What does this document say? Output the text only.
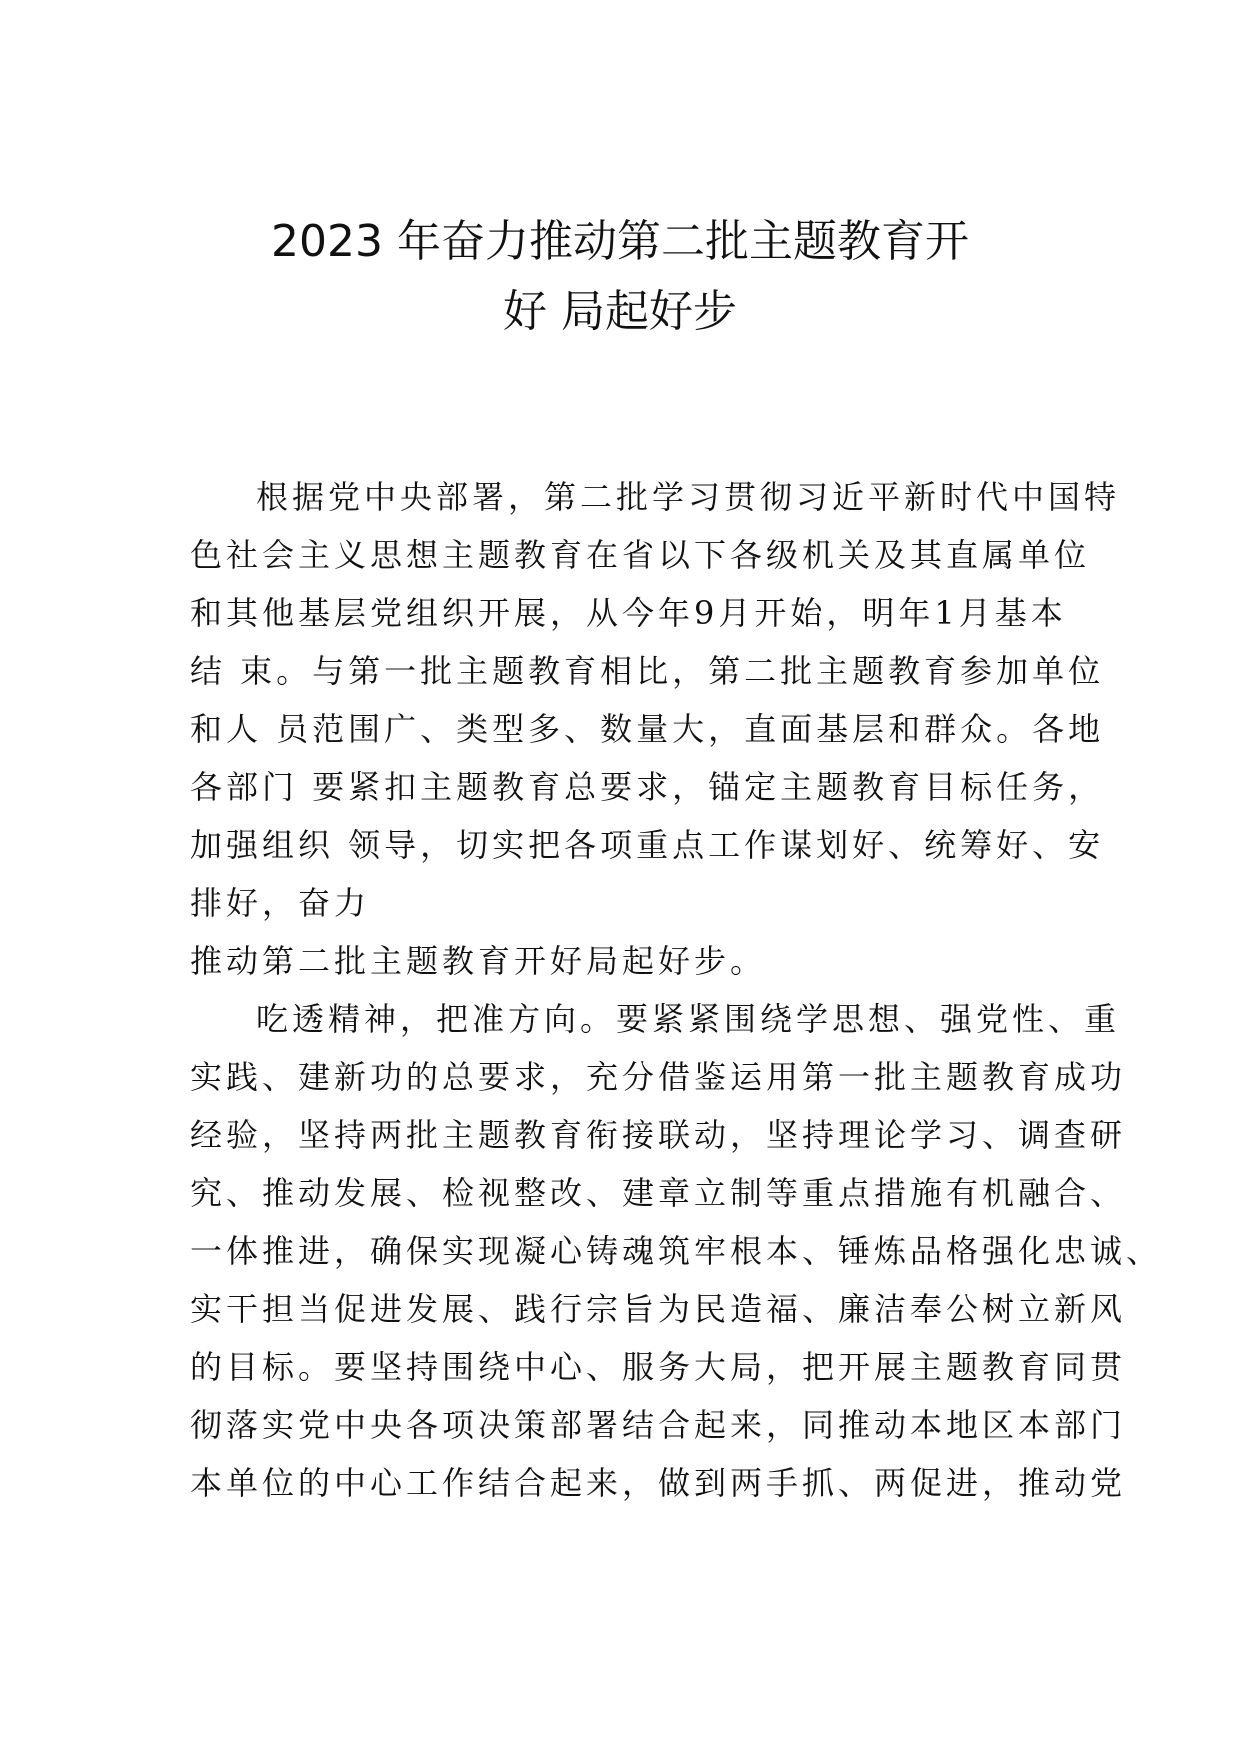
2023 年奋力推动第二批主题教育开
好 局起好步
根据党中央部署，第二批学习贯彻习近平新时代中国特
色社会主义思想主题教育在省以下各级机关及其直属单位
和其他基层党组织开展，从今年9月开始，明年1月基本
结 束。与第一批主题教育相比，第二批主题教育参加单位
和人 员范围广、类型多、数量大，直面基层和群众。各地
各部门 要紧扣主题教育总要求，锚定主题教育目标任务，
加强组织 领导，切实把各项重点工作谋划好、统筹好、安
排好，奋力
推动第二批主题教育开好局起好步。
吃透精神，把准方向。要紧紧围绕学思想、强党性、重
实践、建新功的总要求，充分借鉴运用第一批主题教育成功
经验，坚持两批主题教育衔接联动，坚持理论学习、调查研
究、推动发展、检视整改、建章立制等重点措施有机融合、
一体推进，确保实现凝心铸魂筑牢根本、锤炼品格强化忠诚、
实干担当促进发展、践行宗旨为民造福、廉洁奉公树立新风
的目标。要坚持围绕中心、服务大局，把开展主题教育同贯
彻落实党中央各项决策部署结合起来，同推动本地区本部门
本单位的中心工作结合起来，做到两手抓、两促进，推动党
